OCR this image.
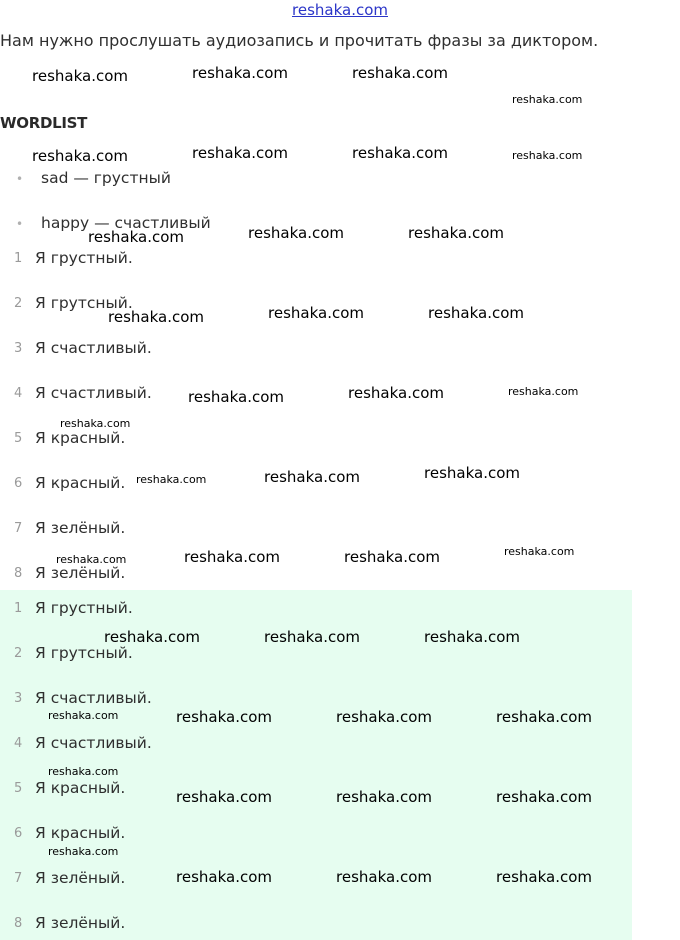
reshaka.com
Нам нужно прослушать аудиозапись и прочитать фразы за диктором.
WORDLIST
• sad — грустный
• happy — счастливый
1 Я грустный.
2 Я грутсный.
3 Я счастливый.
4 Я счастливый.
5 Я красный.
6 Я красный.
7 Я зелёный.
8 Я зелёный.
1 Я грустный.
2 Я грутсный.
3 Я счастливый.
4 Я счастливый.
5 Я красный.
6 Я красный.
7 Я зелёный.
8 Я зелёный.
reshaka.com	reshaka.com	reshaka.com
reshaka.com
reshaka.com	reshaka.com	reshaka.com	reshaka.com
reshaka.com	reshaka.com	reshaka.com
reshaka.com	reshaka.com	reshaka.com
reshaka.com	reshaka.com	reshaka.com
reshaka.com
reshaka.com	reshaka.com	reshaka.com
reshaka.com	reshaka.com	reshaka.com	reshaka.com
reshaka.com	reshaka.com	reshaka.com
reshaka.com	reshaka.com	reshaka.com	reshaka.com
reshaka.com
reshaka.com	reshaka.com	reshaka.com
reshaka.com
reshaka.com	reshaka.com	reshaka.com
